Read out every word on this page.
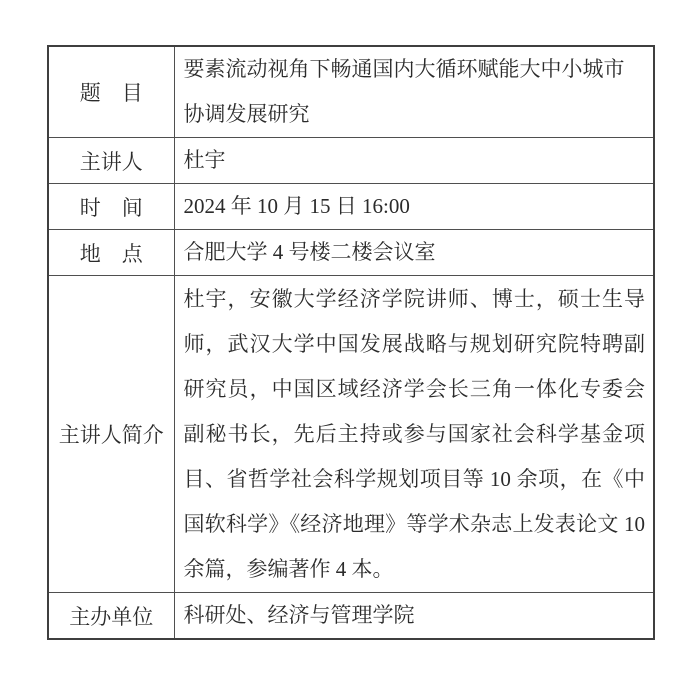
题　目	要素流动视角下畅通国内大循环赋能大中小城市协调发展研究
主讲人	杜宇
时　间	2024 年 10 月 15 日 16:00
地　点	合肥大学 4 号楼二楼会议室
主讲人简介	杜宇，安徽大学经济学院讲师、博士，硕士生导师，武汉大学中国发展战略与规划研究院特聘副研究员，中国区域经济学会长三角一体化专委会副秘书长，先后主持或参与国家社会科学基金项目、省哲学社会科学规划项目等 10 余项，在《中国软科学》《经济地理》等学术杂志上发表论文 10 余篇，参编著作 4 本。
主办单位	科研处、经济与管理学院
